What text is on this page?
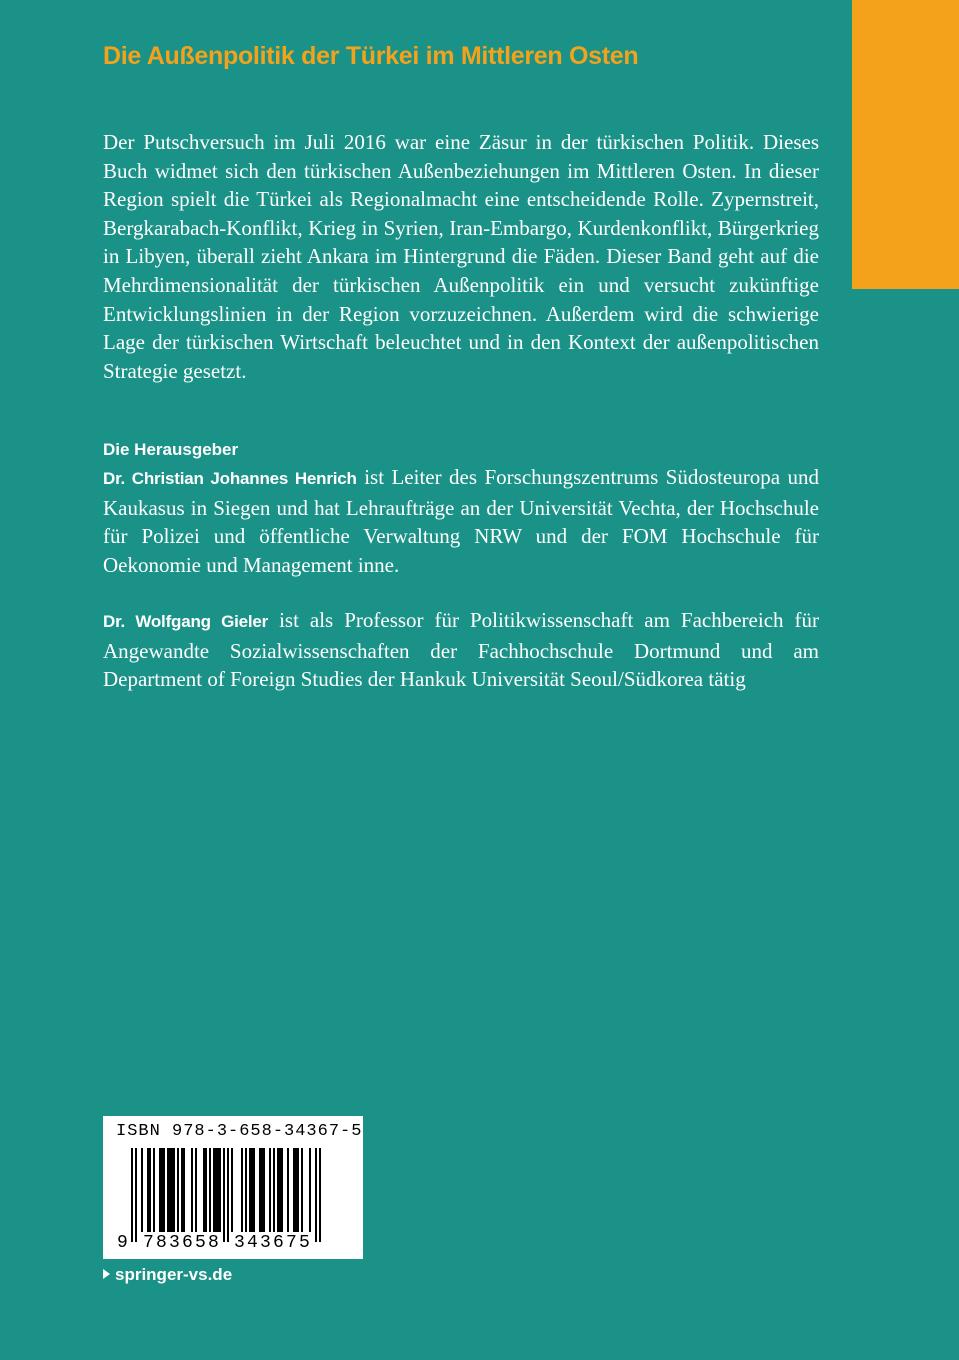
Die Außenpolitik der Türkei im Mittleren Osten

Der Putschversuch im Juli 2016 war eine Zäsur in der türkischen Politik. Dieses Buch widmet sich den türkischen Außenbeziehungen im Mittleren Osten. In dieser Region spielt die Türkei als Regionalmacht eine entscheidende Rolle. Zypernstreit, Bergkarabach-Konflikt, Krieg in Syrien, Iran-Embargo, Kurdenkonflikt, Bürgerkrieg in Libyen, überall zieht Ankara im Hintergrund die Fäden. Dieser Band geht auf die Mehrdimensionalität der türkischen Außenpolitik ein und versucht zukünftige Entwicklungslinien in der Region vorzuzeichnen. Außerdem wird die schwierige Lage der türkischen Wirtschaft beleuchtet und in den Kontext der außenpolitischen Strategie gesetzt.

Die Herausgeber

Dr. Christian Johannes Henrich ist Leiter des Forschungszentrums Südosteuropa und Kaukasus in Siegen und hat Lehraufträge an der Universität Vechta, der Hochschule für Polizei und öffentliche Verwaltung NRW und der FOM Hochschule für Oekonomie und Management inne.

Dr. Wolfgang Gieler ist als Professor für Politikwissenschaft am Fachbereich für Angewandte Sozialwissenschaften der Fachhochschule Dortmund und am Department of Foreign Studies der Hankuk Universität Seoul/Südkorea tätig

ISBN 978-3-658-34367-5

9 783658 343675

springer-vs.de
